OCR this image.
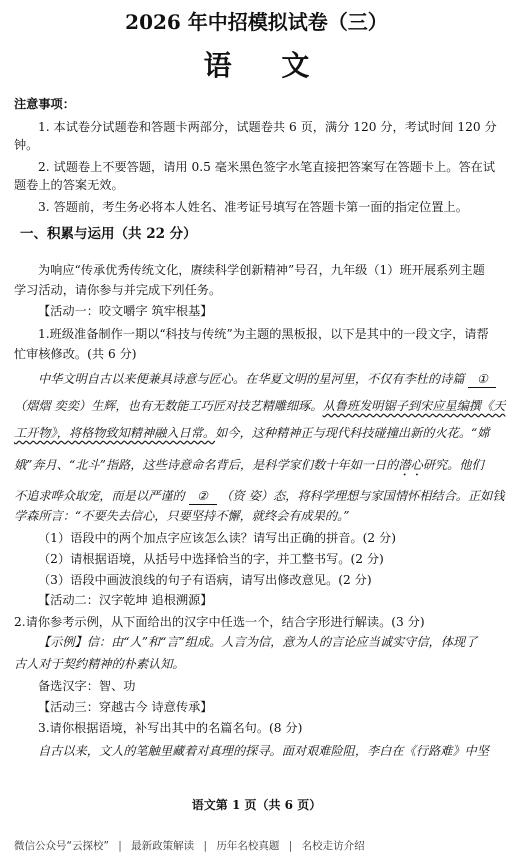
2026 年中招模拟试卷（三）
语 文
注意事项：
1. 本试卷分试题卷和答题卡两部分，试题卷共 6 页，满分 120 分，考试时间 120 分
钟。
2. 试题卷上不要答题，请用 0.5 毫米黑色签字水笔直接把答案写在答题卡上。答在试
题卷上的答案无效。
3. 答题前，考生务必将本人姓名、准考证号填写在答题卡第一面的指定位置上。
一、积累与运用（共 22 分）
为响应“传承优秀传统文化，赓续科学创新精神”号召，九年级（1）班开展系列主题
学习活动，请你参与并完成下列任务。
【活动一：咬文嚼字 筑牢根基】
1.班级准备制作一期以“科技与传统”为主题的黑板报，以下是其中的一段文字，请帮
忙审核修改。(共 6 分)
中华文明自古以来便兼具诗意与匠心。在华夏文明的星河里，不仅有李杜的诗篇 ①
（熠熠 奕奕）生辉，也有无数能工巧匠对技艺精雕细琢。从鲁班发明锯子到宋应星编撰《天
工开物》，将格物致知精神融入日常。如今，这种精神正与现代科技碰撞出新的火花。“嫦
娥”奔月、“北斗”指路，这些诗意命名背后，是科学家们数十年如一日的潜心研究。他们
不追求哗众取宠，而是以严谨的 ② （资 姿）态，将科学理想与家国情怀相结合。正如钱
学森所言：“不要失去信心，只要坚持不懈，就终会有成果的。”
（1）语段中的两个加点字应该怎么读？请写出正确的拼音。(2 分)
（2）请根据语境，从括号中选择恰当的字，并工整书写。(2 分)
（3）语段中画波浪线的句子有语病，请写出修改意见。(2 分)
【活动二：汉字乾坤 追根溯源】
2.请你参考示例，从下面给出的汉字中任选一个，结合字形进行解读。(3 分)
【示例】信：由“人”和“言”组成。人言为信，意为人的言论应当诚实守信，体现了
古人对于契约精神的朴素认知。
备选汉字：智、功
【活动三：穿越古今 诗意传承】
3.请你根据语境，补写出其中的名篇名句。(8 分)
自古以来，文人的笔触里藏着对真理的探寻。面对艰难险阻，李白在《行路难》中坚
语文第 1 页（共 6 页）
微信公众号“云探校” | 最新政策解读 | 历年名校真题 | 名校走访介绍
